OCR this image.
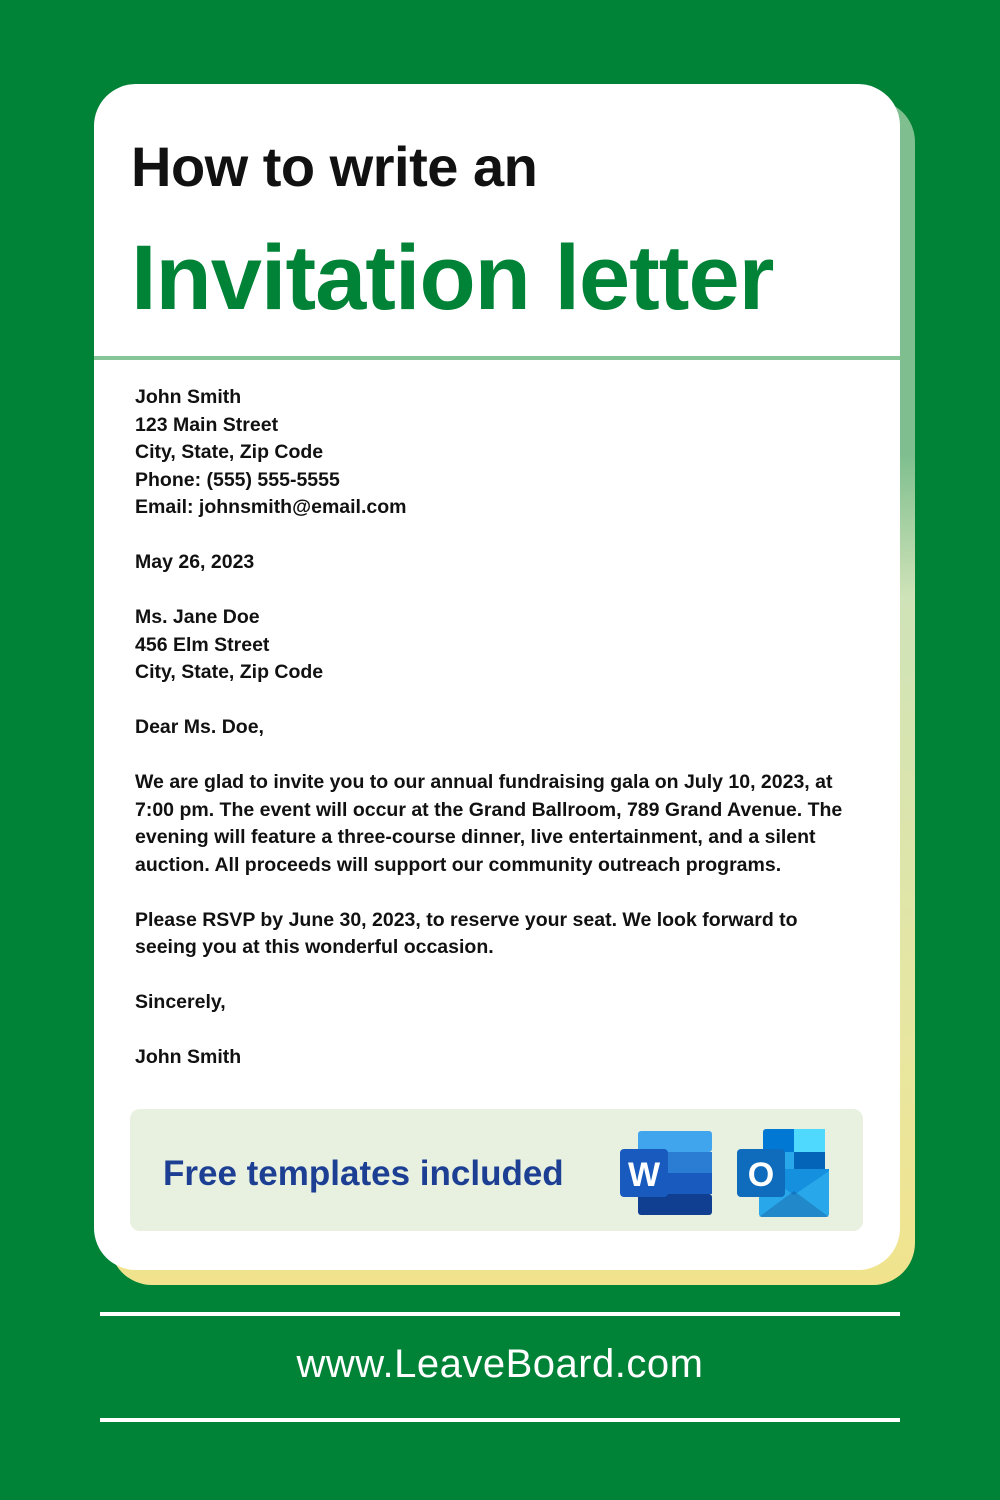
How to write an
Invitation letter
John Smith
123 Main Street
City, State, Zip Code
Phone: (555) 555-5555
Email: johnsmith@email.com
May 26, 2023
Ms. Jane Doe
456 Elm Street
City, State, Zip Code
Dear Ms. Doe,
We are glad to invite you to our annual fundraising gala on July 10, 2023, at
7:00 pm. The event will occur at the Grand Ballroom, 789 Grand Avenue. The
evening will feature a three-course dinner, live entertainment, and a silent
auction. All proceeds will support our community outreach programs.
Please RSVP by June 30, 2023, to reserve your seat. We look forward to
seeing you at this wonderful occasion.
Sincerely,
John Smith
Free templates included W	O
www.LeaveBoard.com
